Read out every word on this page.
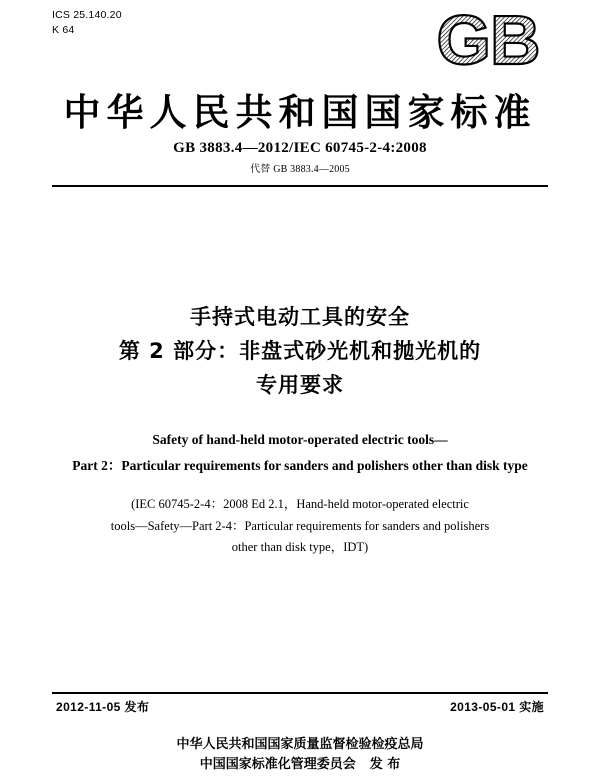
ICS 25.140.20
K 64	GB
中华人民共和国国家标准
GB 3883.4—2012/IEC 60745-2-4:2008
代替 GB 3883.4—2005
手持式电动工具的安全
第 2 部分：非盘式砂光机和抛光机的
专用要求
Safety of hand-held motor-operated electric tools—
Part 2：Particular requirements for sanders and polishers other than disk type
(IEC 60745-2-4：2008 Ed 2.1，Hand-held motor-operated electric
tools—Safety—Part 2-4：Particular requirements for sanders and polishers
other than disk type，IDT)
2012-11-05 发布	2013-05-01 实施
中华人民共和国国家质量监督检验检疫总局
中国国家标准化管理委员会 发 布
